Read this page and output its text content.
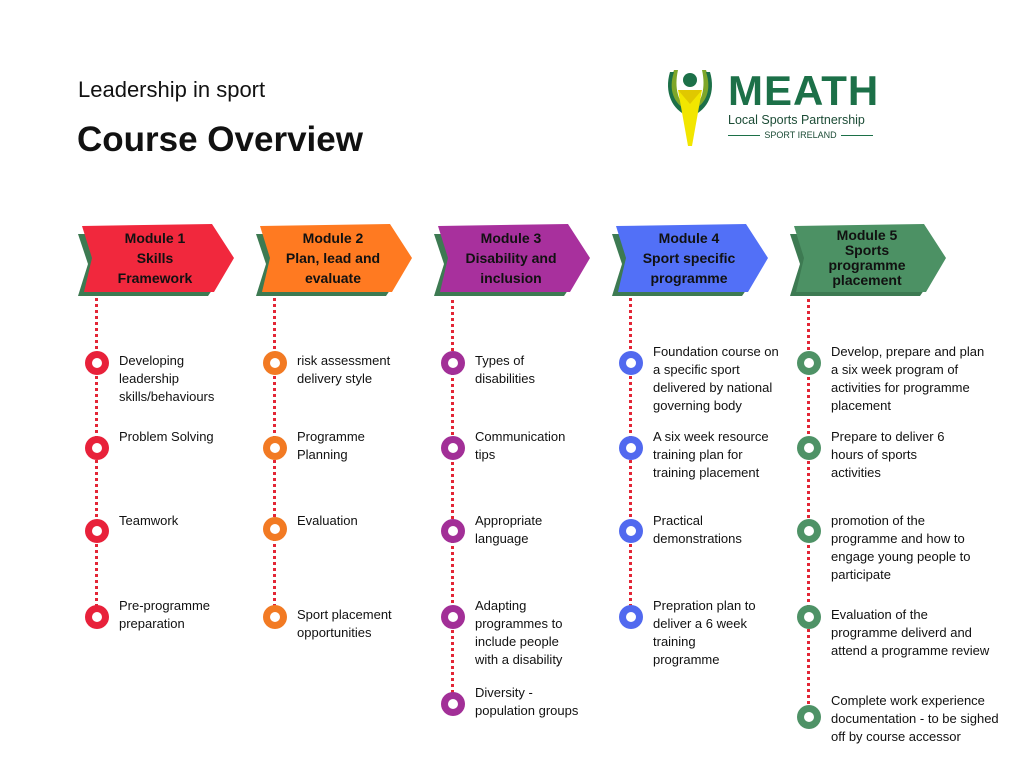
Leadership in sport
Course Overview
MEATH
Local Sports Partnership
SPORT IRELAND
Module 1
Skills
Framework
Developing
leadership
skills/behaviours
Problem Solving
Teamwork
Pre-programme
preparation
Module 2
Plan, lead and
evaluate
risk assessment
delivery style
Programme
Planning
Evaluation
Sport placement
opportunities
Module 3
Disability and
inclusion
Types of
disabilities
Communication
tips
Appropriate
language
Adapting
programmes to
include people
with a disability
Diversity -
population groups
Module 4
Sport specific
programme
Foundation course on
a specific sport
delivered by national
governing body
A six week resource
training plan for
training placement
Practical
demonstrations
Prepration plan to
deliver a 6 week
training
programme
Module 5
Sports
programme
placement
Develop, prepare and plan
a six week program of
activities for programme
placement
Prepare to deliver 6
hours of sports
activities
promotion of the
programme and how to
engage young people to
participate
Evaluation of the
programme deliverd and
attend a programme review
Complete work experience
documentation - to be sighed
off by course accessor
